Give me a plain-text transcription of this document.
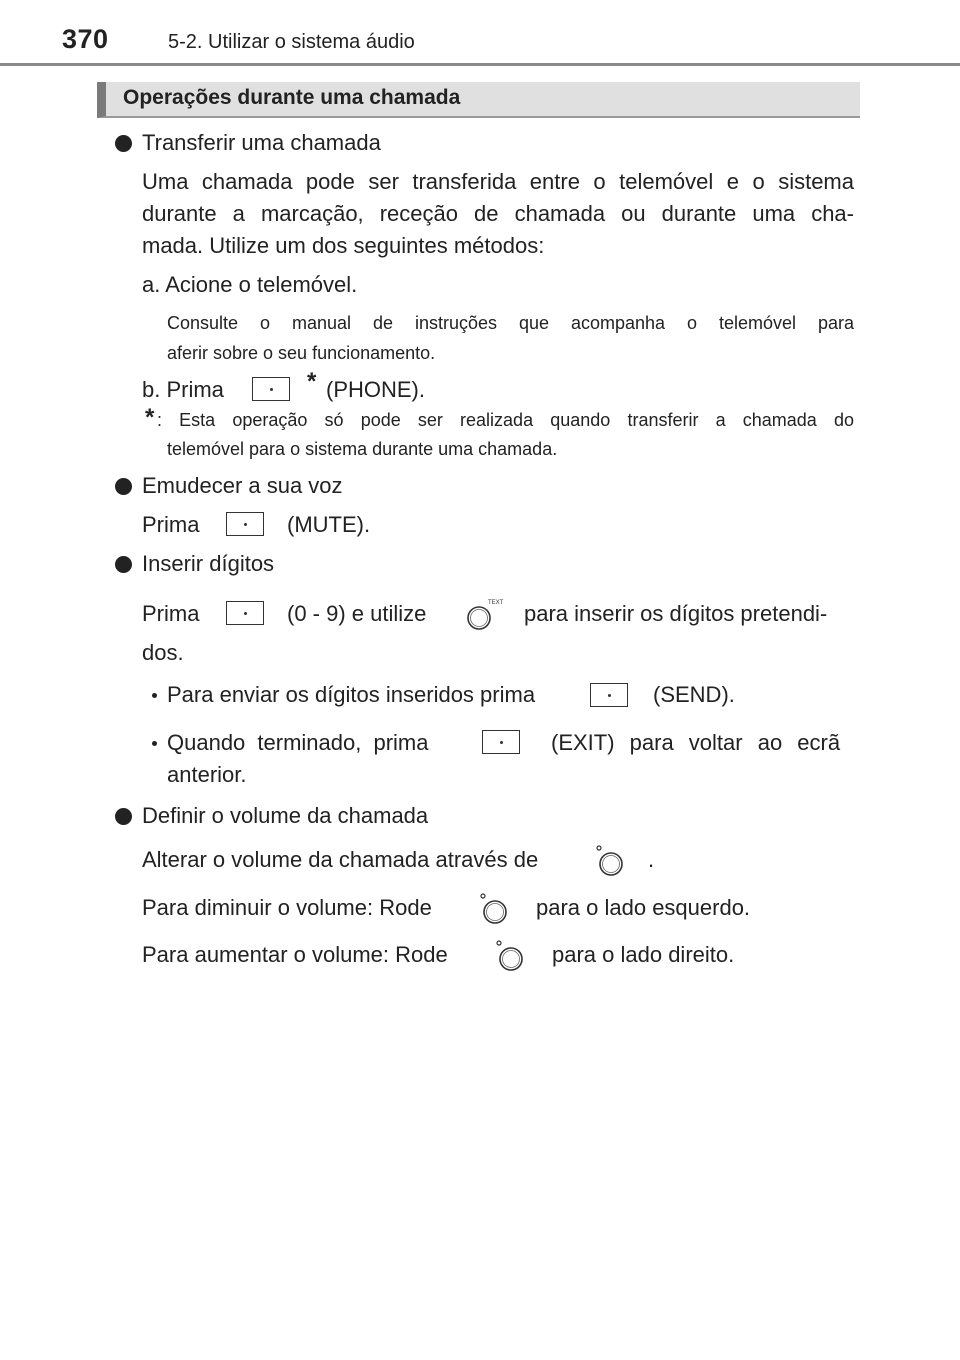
370	5-2. Utilizar o sistema áudio
Operações durante uma chamada
Transferir uma chamada
Uma chamada pode ser transferida entre o telemóvel e o sistema
durante a marcação, receção de chamada ou durante uma cha-
mada. Utilize um dos seguintes métodos:
a. Acione o telemóvel.
Consulte o manual de instruções que acompanha o telemóvel para
aferir sobre o seu funcionamento.
b. Prima	* (PHONE).
* : Esta operação só pode ser realizada quando transferir a chamada do
telemóvel para o sistema durante uma chamada.
Emudecer a sua voz
Prima	(MUTE).
Inserir dígitos
Prima	(0 - 9) e utilize	TEXT para inserir os dígitos pretendi-
dos.
Para enviar os dígitos inseridos prima	(SEND).
Quando terminado, prima	(EXIT) para voltar ao ecrã
anterior.
Definir o volume da chamada
Alterar o volume da chamada através de	.
Para diminuir o volume: Rode	para o lado esquerdo.
Para aumentar o volume: Rode	para o lado direito.
